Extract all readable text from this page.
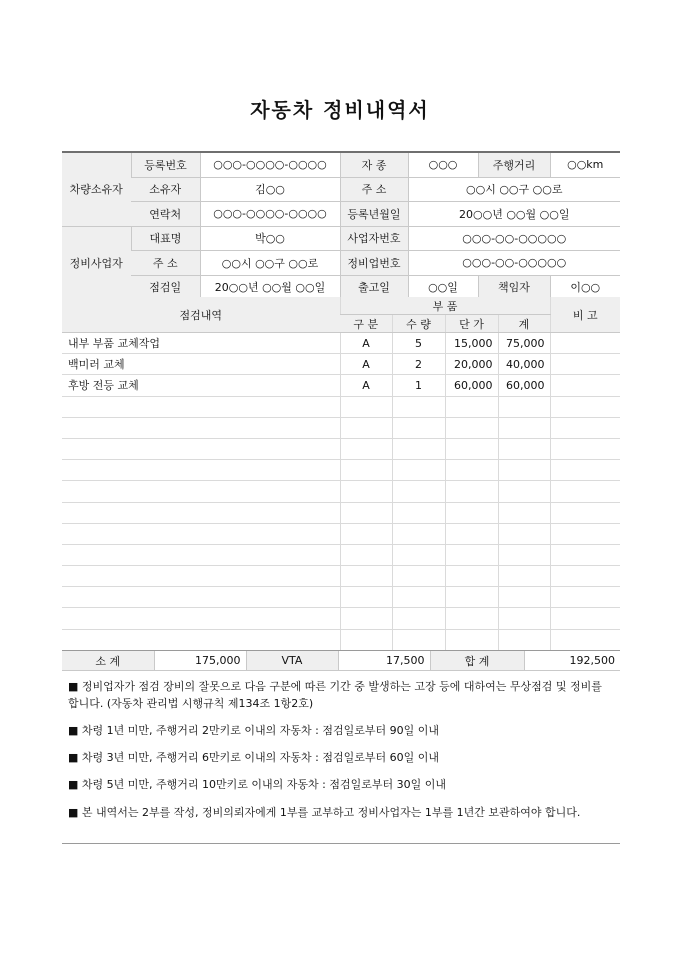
자동차 정비내역서
차량소유자	등록번호	○○○-○○○○-○○○○	자 종	○○○	주행거리	○○km
	소유자	김○○	주 소	○○시 ○○구 ○○로		
	연락처	○○○-○○○○-○○○○	등록년월일	20○○년 ○○월 ○○일		
정비사업자	대표명	박○○	사업자번호	○○○-○○-○○○○○		
	주 소	○○시 ○○구 ○○로	정비업번호	○○○-○○-○○○○○		
	점검일	20○○년 ○○월 ○○일	출고일	○○일	책임자	이○○
점검내역	부 품				비 고
	구 분	수 량	단 가	계	
내부 부품 교체작업	A	5	15,000	75,000	
백미러 교체	A	2	20,000	40,000	
후방 전등 교체	A	1	60,000	60,000	

소 계	175,000	VTA	17,500	합 계	192,500

■ 정비업자가 점검 장비의 잘못으로 다음 구분에 따른 기간 중 발생하는 고장 등에 대하여는 무상점검 및 정비를 합니다. (자동차 관리법 시행규칙 제134조 1항2호)

■ 차령 1년 미만, 주행거리 2만키로 이내의 자동차 : 점검일로부터 90일 이내

■ 차령 3년 미만, 주행거리 6만키로 이내의 자동차 : 점검일로부터 60일 이내

■ 차령 5년 미만, 주행거리 10만키로 이내의 자동차 : 점검일로부터 30일 이내

■ 본 내역서는 2부를 작성, 정비의뢰자에게 1부를 교부하고 정비사업자는 1부를 1년간 보관하여야 합니다.
